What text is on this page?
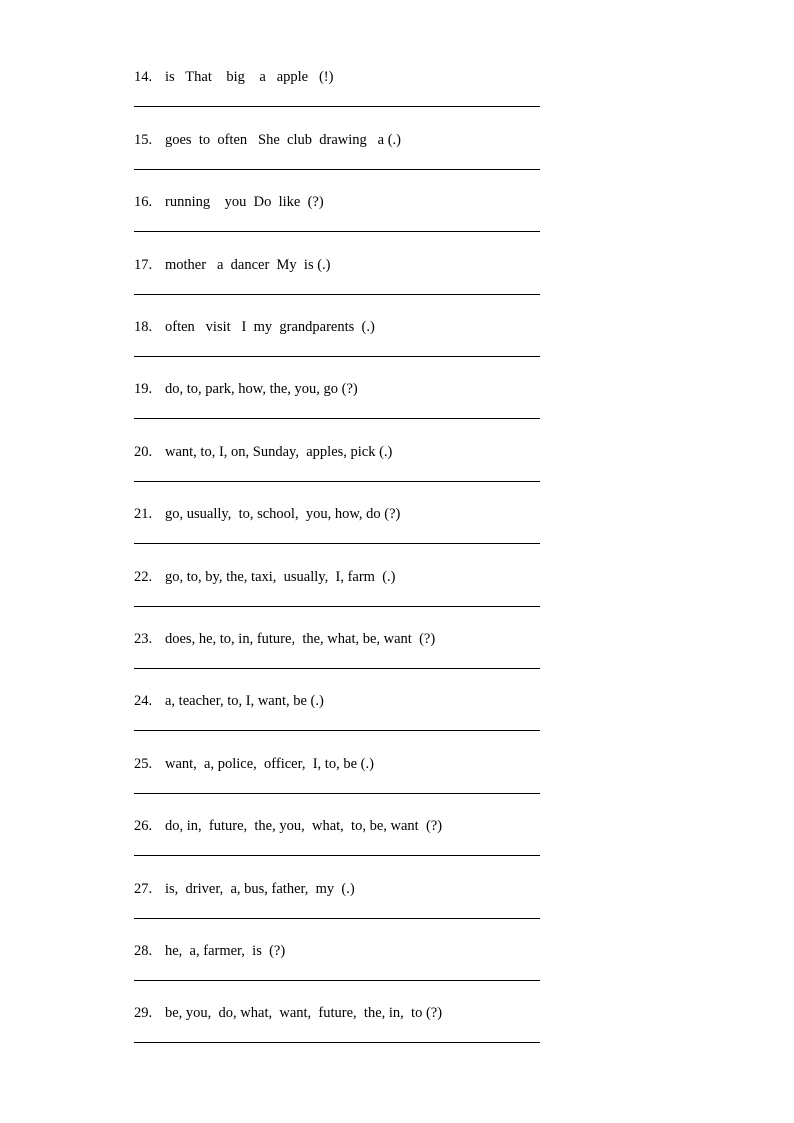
14. is   That    big    a   apple   (!)
15. goes  to  often   She  club  drawing   a (.)
16. running    you  Do  like  (?)
17. mother   a  dancer  My  is (.)
18. often   visit   I  my  grandparents  (.)
19. do, to, park, how, the, you, go (?)
20. want, to, I, on, Sunday,  apples, pick (.)
21. go, usually,  to, school,  you, how, do (?)
22. go, to, by, the, taxi,  usually,  I, farm  (.)
23. does, he, to, in, future,  the, what, be, want  (?)
24. a, teacher, to, I, want, be (.)
25. want,  a, police,  officer,  I, to, be (.)
26. do, in,  future,  the, you,  what,  to, be, want  (?)
27. is,  driver,  a, bus, father,  my  (.)
28. he,  a, farmer,  is  (?)
29. be, you,  do, what,  want,  future,  the, in,  to (?)
